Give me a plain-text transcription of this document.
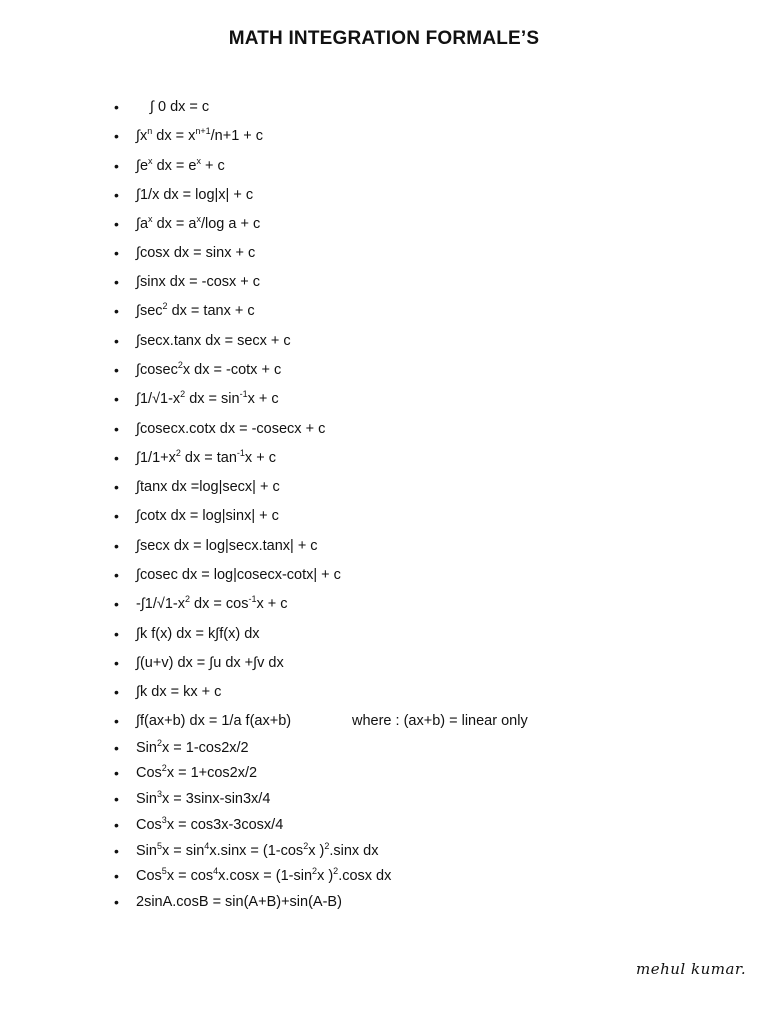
MATH INTEGRATION FORMALE’S
• ∫ 0 dx = c
• $\int x^n$ dx = $x^{n+1}/n+1 + c$
• $\int e^x$ dx = $e^x + c$
• ∫1/x dx = log|x| + c
• $\int a^x$ dx = $a^x/\log$ a + c
• ∫cosx dx = sinx + c
• ∫sinx dx = -cosx + c
• $\int\sec^2$ dx = tanx + c
• ∫secx.tanx dx = secx + c
• ∫cosec$^2$x dx = -cotx + c
• $\int 1/√1-x^2$ dx = $\sin^{-1}x + c$
• ∫cosecx.cotx dx = -cosecx + c
• $\int 1/1+x^2$ dx = $\tan^{-1}x + c$
• ∫tanx dx =log|secx| + c
• ∫cotx dx = log|sinx| + c
• ∫secx dx = log|secx.tanx| + c
• ∫cosec dx = log|cosecx-cotx| + c
• $-\int 1/√1-x^2$ dx = $\cos^{-1}x + c$
• ∫k f(x) dx = k∫f(x) dx
• ∫(u+v) dx = ∫u dx +∫v dx
• ∫k dx = kx + c
• ∫f(ax+b) dx = 1/a f(ax+b)	where : (ax+b) = linear only
• Sin$^2$x = 1-cos2x/2
• Cos$^2$x = 1+cos2x/2
• Sin$^3$x = 3sinx-sin3x/4
• Cos$^3$x = cos3x-3cosx/4
• $Sin^5x = \sin^4x.\sin x = (1-\cos^2x$ )$^2$.sinx dx
• $Cos^5x = \cos^4x.\cos x = (1-\sin^2x$ )$^2$.cosx dx
• 2sinA.cosB = sin(A+B)+sin(A-B)
mehul kumar.
